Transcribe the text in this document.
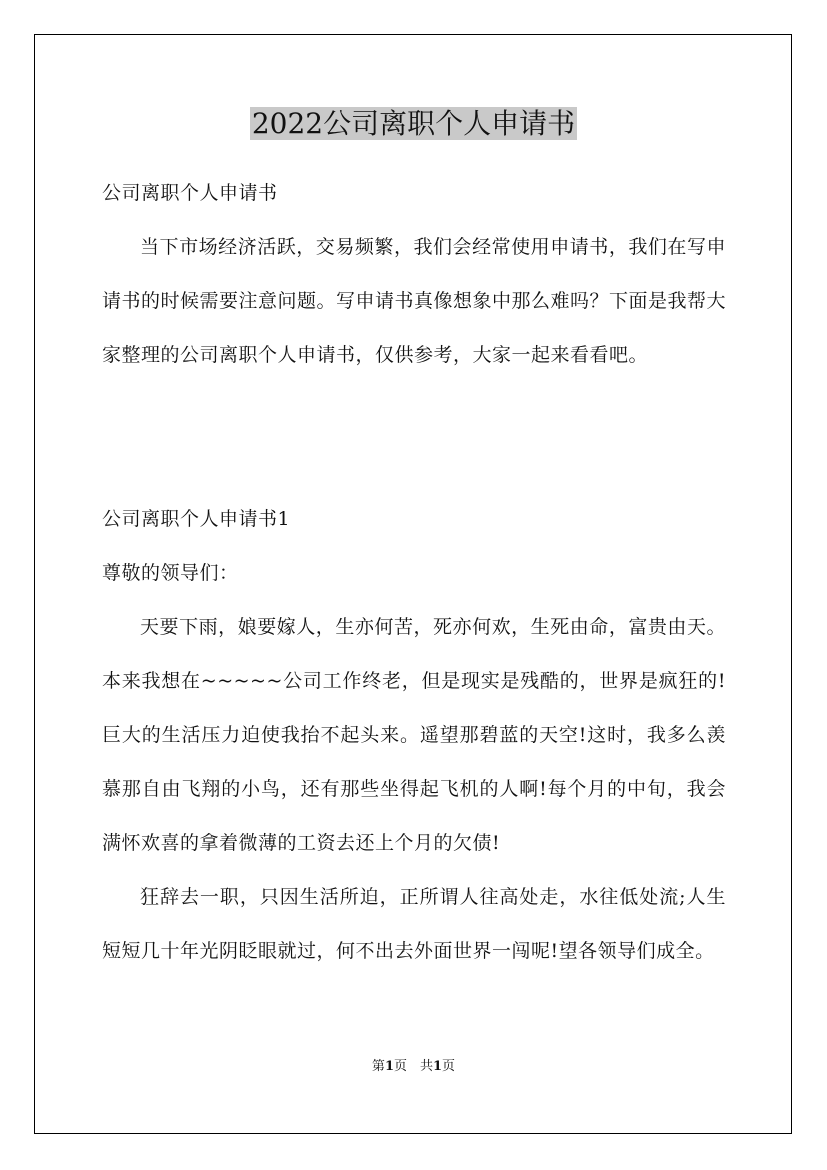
2022公司离职个人申请书

公司离职个人申请书

当下市场经济活跃，交易频繁，我们会经常使用申请书，我们在写申请书的时候需要注意问题。写申请书真像想象中那么难吗？下面是我帮大家整理的公司离职个人申请书，仅供参考，大家一起来看看吧。

公司离职个人申请书1

尊敬的领导们：

天要下雨，娘要嫁人，生亦何苦，死亦何欢，生死由命，富贵由天。本来我想在~~~~~公司工作终老，但是现实是残酷的，世界是疯狂的!巨大的生活压力迫使我抬不起头来。遥望那碧蓝的天空!这时，我多么羡慕那自由飞翔的小鸟，还有那些坐得起飞机的人啊!每个月的中旬，我会满怀欢喜的拿着微薄的工资去还上个月的欠债!

狂辞去一职，只因生活所迫，正所谓人往高处走，水往低处流;人生短短几十年光阴眨眼就过，何不出去外面世界一闯呢!望各领导们成全。

第1页　共1页
